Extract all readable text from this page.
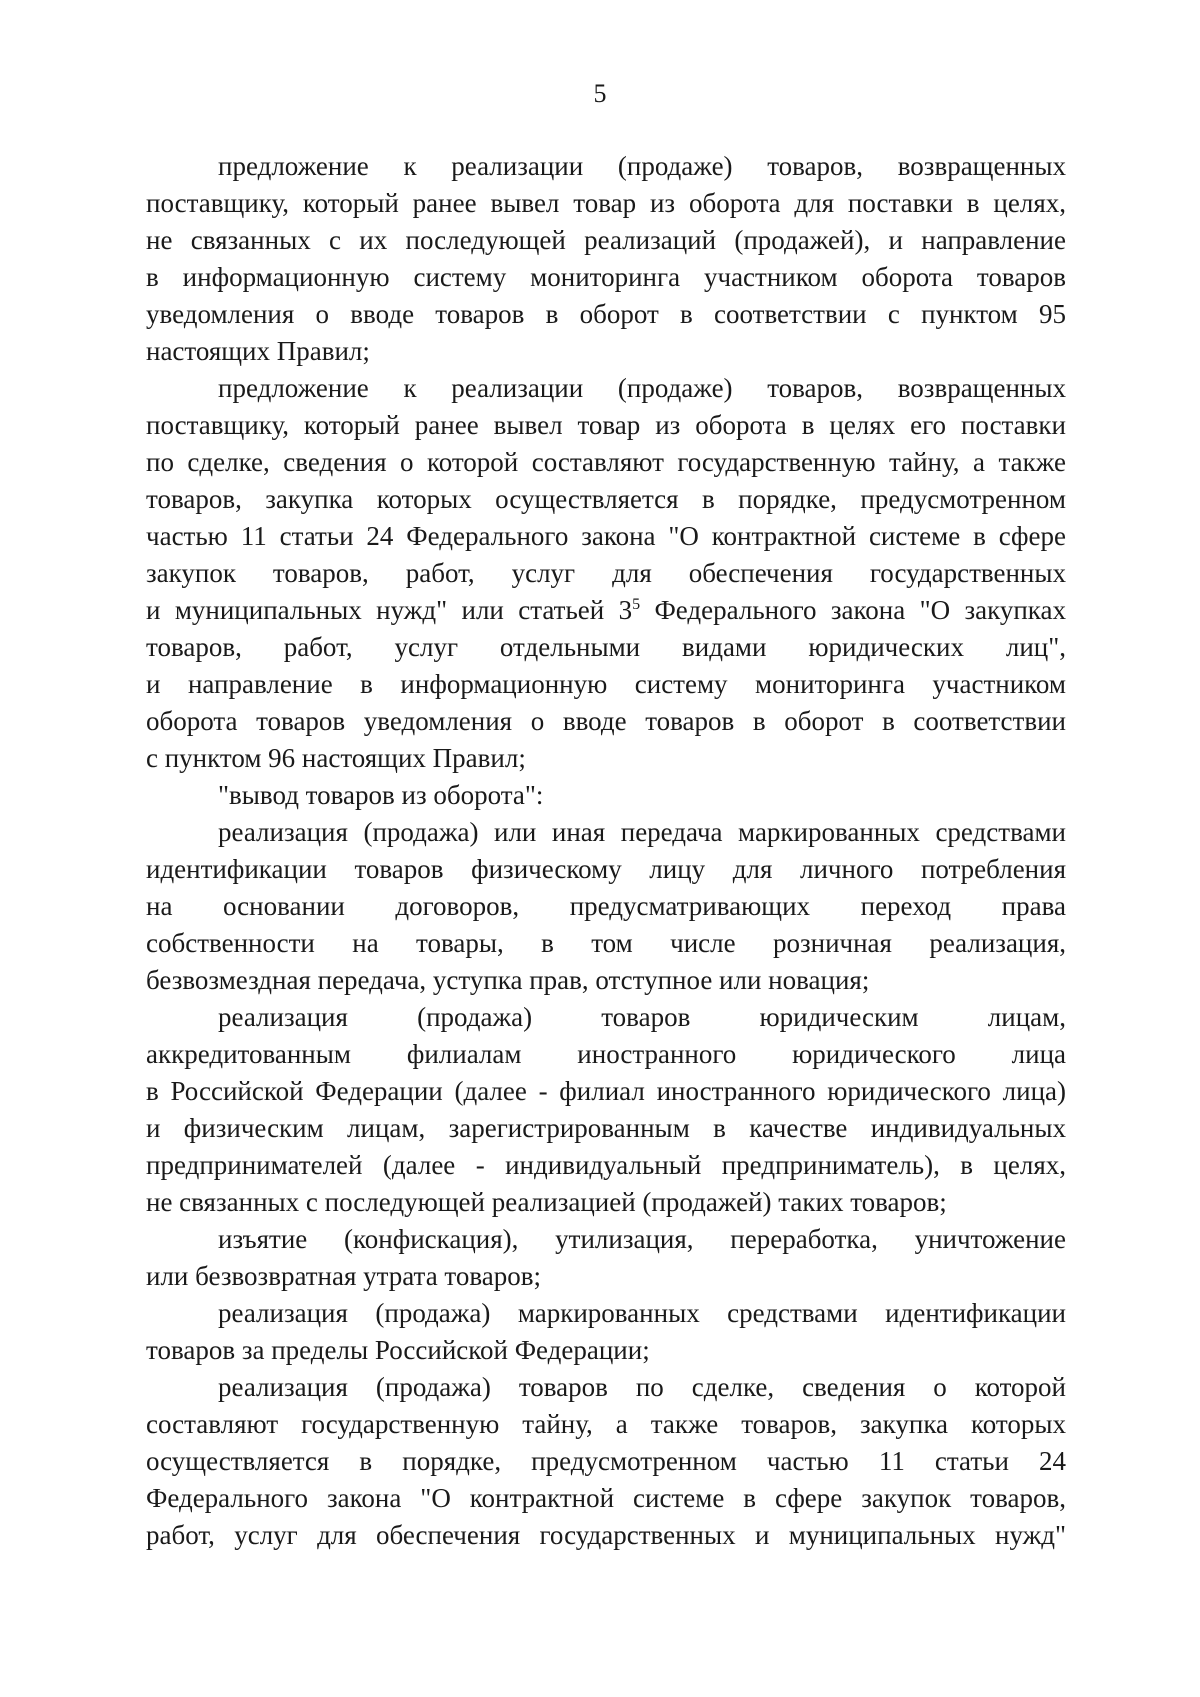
5
предложение к реализации (продаже) товаров, возвращенных
поставщику, который ранее вывел товар из оборота для поставки в целях,
не связанных с их последующей реализаций (продажей), и направление
в информационную систему мониторинга участником оборота товаров
уведомления о вводе товаров в оборот в соответствии с пунктом 95
настоящих Правил;
предложение к реализации (продаже) товаров, возвращенных
поставщику, который ранее вывел товар из оборота в целях его поставки
по сделке, сведения о которой составляют государственную тайну, а также
товаров, закупка которых осуществляется в порядке, предусмотренном
частью 11 статьи 24 Федерального закона "О контрактной системе в сфере
закупок товаров, работ, услуг для обеспечения государственных
и муниципальных нужд" или статьей $3^5$ Федерального закона "О закупках
товаров, работ, услуг отдельными видами юридических лиц",
и направление в информационную систему мониторинга участником
оборота товаров уведомления о вводе товаров в оборот в соответствии
с пунктом 96 настоящих Правил;
"вывод товаров из оборота":
реализация (продажа) или иная передача маркированных средствами
идентификации товаров физическому лицу для личного потребления
на основании договоров, предусматривающих переход права
собственности на товары, в том числе розничная реализация,
безвозмездная передача, уступка прав, отступное или новация;
реализация (продажа) товаров юридическим лицам,
аккредитованным филиалам иностранного юридического лица
в Российской Федерации (далее - филиал иностранного юридического лица)
и физическим лицам, зарегистрированным в качестве индивидуальных
предпринимателей (далее - индивидуальный предприниматель), в целях,
не связанных с последующей реализацией (продажей) таких товаров;
изъятие (конфискация), утилизация, переработка, уничтожение
или безвозвратная утрата товаров;
реализация (продажа) маркированных средствами идентификации
товаров за пределы Российской Федерации;
реализация (продажа) товаров по сделке, сведения о которой
составляют государственную тайну, а также товаров, закупка которых
осуществляется в порядке, предусмотренном частью 11 статьи 24
Федерального закона "О контрактной системе в сфере закупок товаров,
работ, услуг для обеспечения государственных и муниципальных нужд"
